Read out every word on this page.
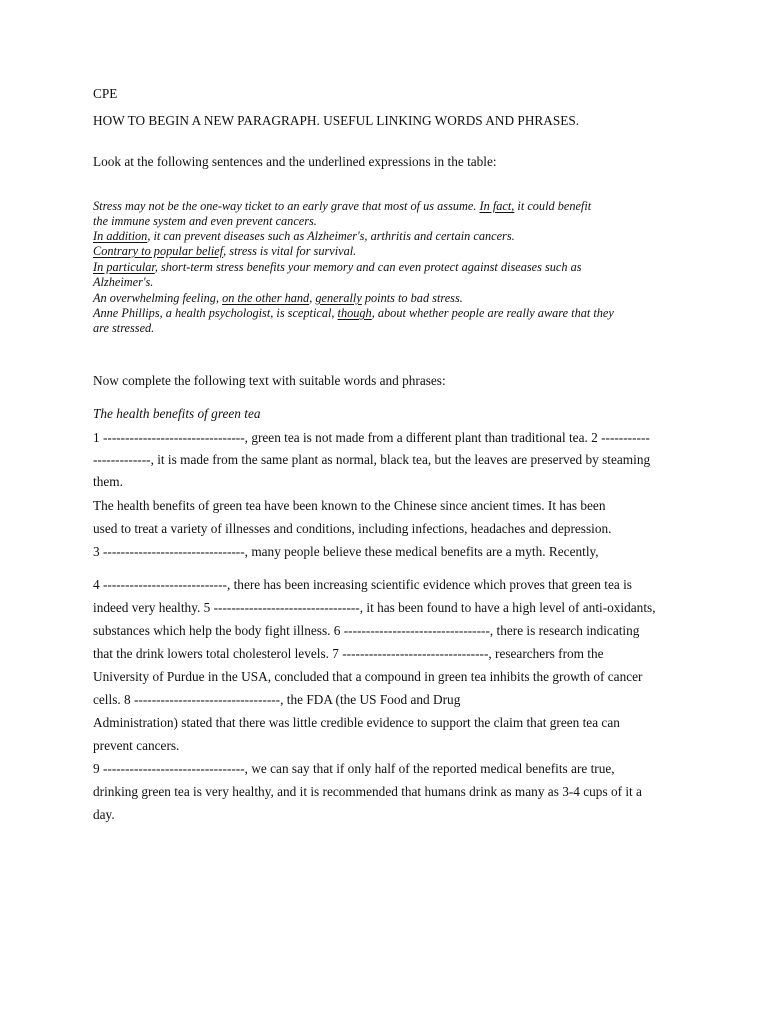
CPE
HOW TO BEGIN A NEW PARAGRAPH. USEFUL LINKING WORDS AND PHRASES.
Look at the following sentences and the underlined expressions in the table:
Stress may not be the one-way ticket to an early grave that most of us assume. In fact, it could benefit
the immune system and even prevent cancers.
In addition, it can prevent diseases such as Alzheimer's, arthritis and certain cancers.
Contrary to popular belief, stress is vital for survival.
In particular, short-term stress benefits your memory and can even protect against diseases such as
Alzheimer's.
An overwhelming feeling, on the other hand, generally points to bad stress.
Anne Phillips, a health psychologist, is sceptical, though, about whether people are really aware that they
are stressed.
Now complete the following text with suitable words and phrases:
The health benefits of green tea
1 --------------------------------, green tea is not made from a different plant than traditional tea. 2 -----------
-------------, it is made from the same plant as normal, black tea, but the leaves are preserved by steaming
them.
The health benefits of green tea have been known to the Chinese since ancient times. It has been
used to treat a variety of illnesses and conditions, including infections, headaches and depression.
3 --------------------------------, many people believe these medical benefits are a myth. Recently,
4 ----------------------------, there has been increasing scientific evidence which proves that green tea is
indeed very healthy. 5 ---------------------------------, it has been found to have a high level of anti-oxidants,
substances which help the body fight illness. 6 ---------------------------------, there is research indicating
that the drink lowers total cholesterol levels. 7 ---------------------------------, researchers from the
University of Purdue in the USA, concluded that a compound in green tea inhibits the growth of cancer
cells. 8 ---------------------------------, the FDA (the US Food and Drug
Administration) stated that there was little credible evidence to support the claim that green tea can
prevent cancers.
9 --------------------------------, we can say that if only half of the reported medical benefits are true,
drinking green tea is very healthy, and it is recommended that humans drink as many as 3-4 cups of it a
day.
